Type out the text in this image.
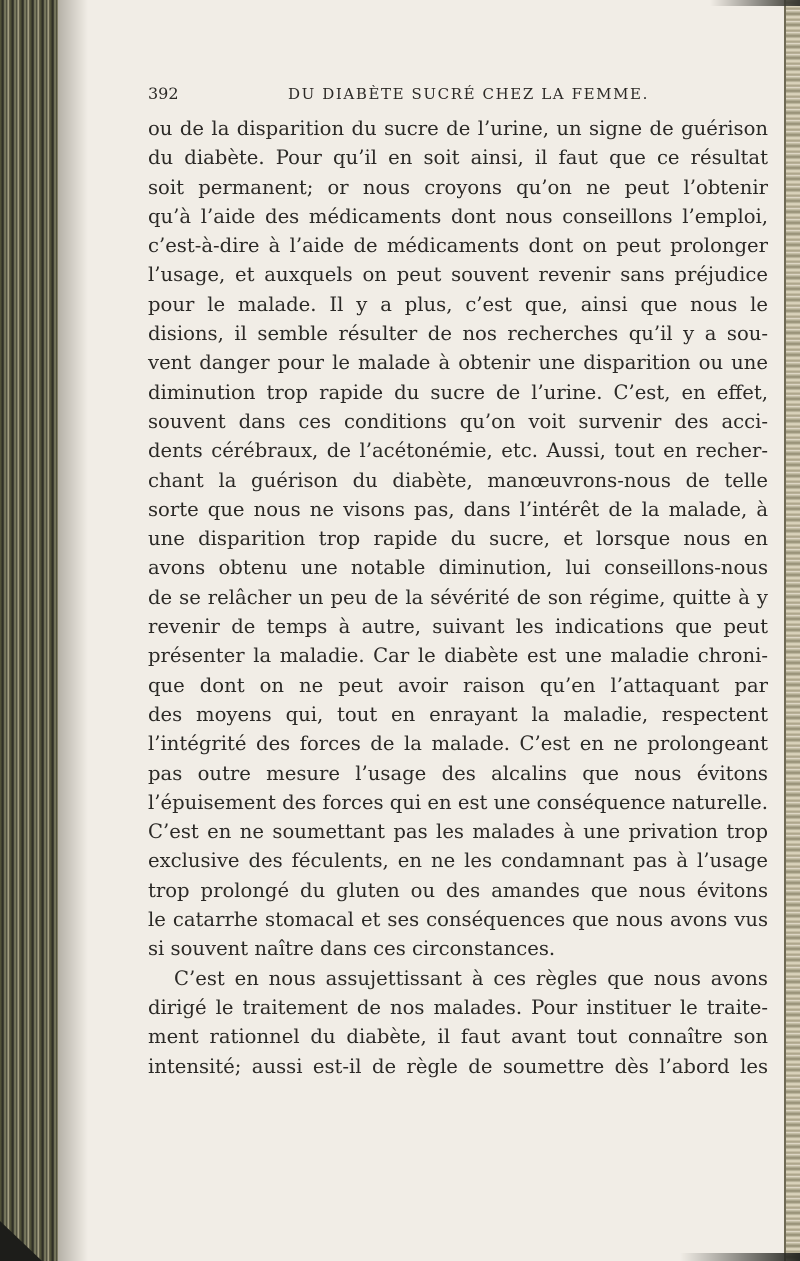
392	DU DIABÈTE SUCRÉ CHEZ LA FEMME.
ou de la disparition du sucre de l’urine, un signe de guérison
du diabète. Pour qu’il en soit ainsi, il faut que ce résultat
soit permanent; or nous croyons qu’on ne peut l’obtenir
qu’à l’aide des médicaments dont nous conseillons l’emploi,
c’est-à-dire à l’aide de médicaments dont on peut prolonger
l’usage, et auxquels on peut souvent revenir sans préjudice
pour le malade. Il y a plus, c’est que, ainsi que nous le
disions, il semble résulter de nos recherches qu’il y a sou-
vent danger pour le malade à obtenir une disparition ou une
diminution trop rapide du sucre de l’urine. C’est, en effet,
souvent dans ces conditions qu’on voit survenir des acci-
dents cérébraux, de l’acétonémie, etc. Aussi, tout en recher-
chant la guérison du diabète, manœuvrons-nous de telle
sorte que nous ne visons pas, dans l’intérêt de la malade, à
une disparition trop rapide du sucre, et lorsque nous en
avons obtenu une notable diminution, lui conseillons-nous
de se relâcher un peu de la sévérité de son régime, quitte à y
revenir de temps à autre, suivant les indications que peut
présenter la maladie. Car le diabète est une maladie chroni-
que dont on ne peut avoir raison qu’en l’attaquant par
des moyens qui, tout en enrayant la maladie, respectent
l’intégrité des forces de la malade. C’est en ne prolongeant
pas outre mesure l’usage des alcalins que nous évitons
l’épuisement des forces qui en est une conséquence naturelle.
C’est en ne soumettant pas les malades à une privation trop
exclusive des féculents, en ne les condamnant pas à l’usage
trop prolongé du gluten ou des amandes que nous évitons
le catarrhe stomacal et ses conséquences que nous avons vus
si souvent naître dans ces circonstances.
C’est en nous assujettissant à ces règles que nous avons
dirigé le traitement de nos malades. Pour instituer le traite-
ment rationnel du diabète, il faut avant tout connaître son
intensité; aussi est-il de règle de soumettre dès l’abord les
